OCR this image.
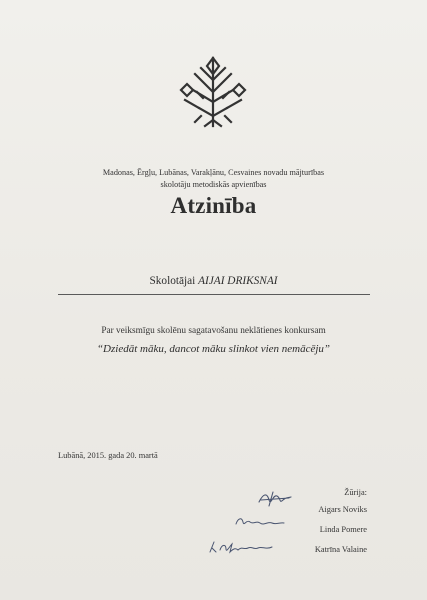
Madonas, Ērgļu, Lubānas, Varakļānu, Cesvaines novadu mājturības
skolotāju metodiskās apvienības
Atzinība
Skolotājai AIJAI DRIKSNAI
Par veiksmīgu skolēnu sagatavošanu neklātienes konkursam
“Dziedāt māku, dancot māku slinkot vien nemācēju”
Lubānā, 2015. gada 20. martā
Žūrija:
Aigars Noviks
Linda Pomere
Katrīna Valaine
